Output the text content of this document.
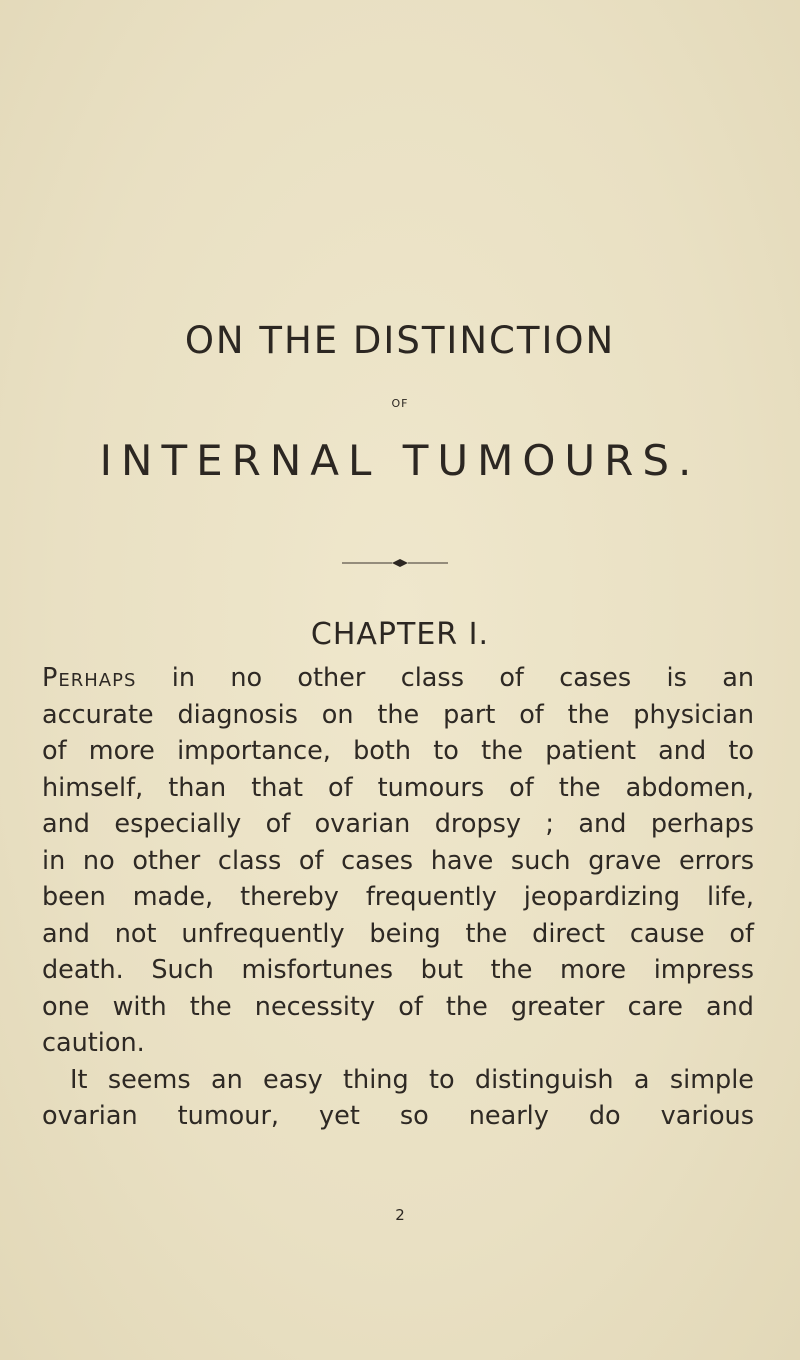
ON THE DISTINCTION
OF
INTERNAL TUMOURS.
CHAPTER I.
Perhaps in no other class of cases is an
accurate diagnosis on the part of the physician
of more importance, both to the patient and to
himself, than that of tumours of the abdomen,
and especially of ovarian dropsy ; and perhaps
in no other class of cases have such grave errors
been made, thereby frequently jeopardizing life,
and not unfrequently being the direct cause of
death. Such misfortunes but the more impress
one with the necessity of the greater care and
caution.
It seems an easy thing to distinguish a simple
ovarian tumour, yet so nearly do various
2
